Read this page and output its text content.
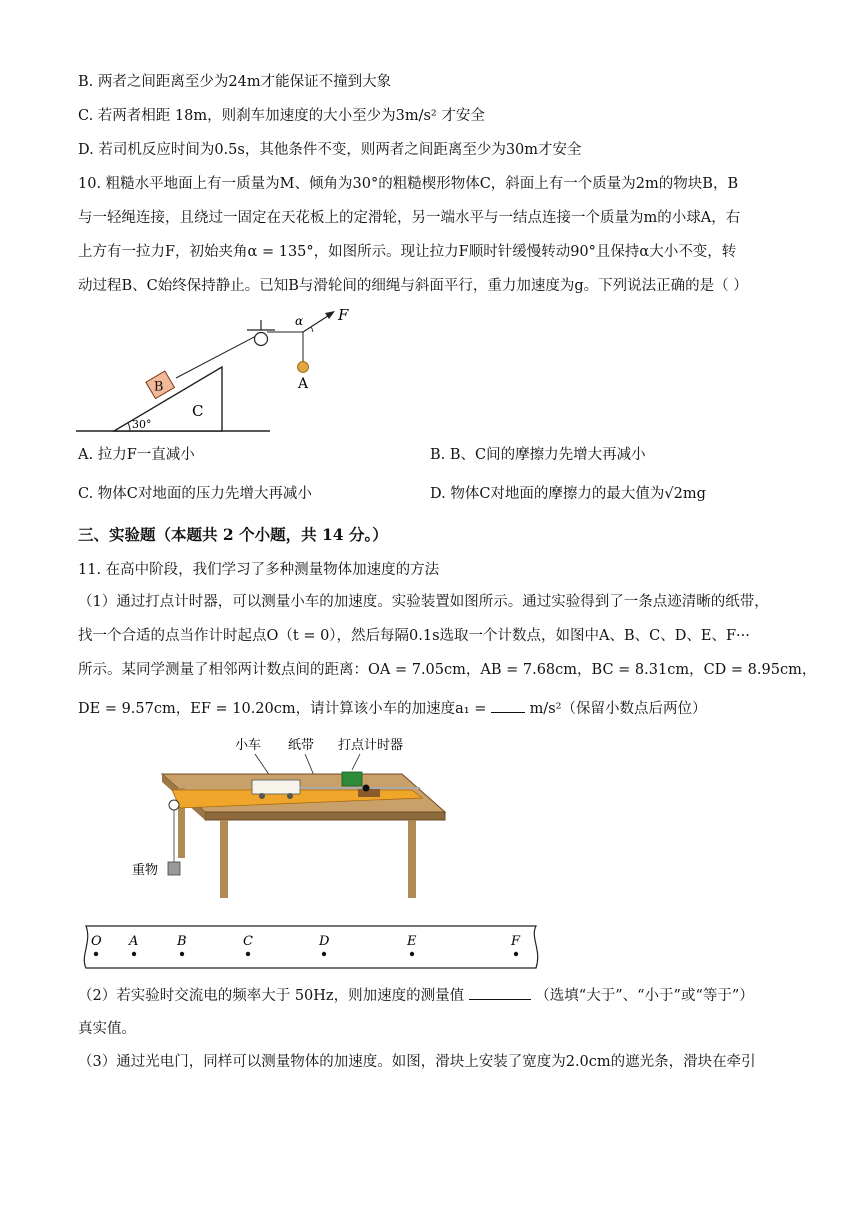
B. 两者之间距离至少为24m才能保证不撞到大象
C. 若两者相距 18m，则刹车加速度的大小至少为3m/s² 才安全
D. 若司机反应时间为0.5s，其他条件不变，则两者之间距离至少为30m才安全
10. 粗糙水平地面上有一质量为M、倾角为30°的粗糙楔形物体C，斜面上有一个质量为2m的物块B，B
与一轻绳连接，且绕过一固定在天花板上的定滑轮，另一端水平与一结点连接一个质量为m的小球A，右
上方有一拉力F，初始夹角α = 135°，如图所示。现让拉力F顺时针缓慢转动90°且保持α大小不变，转
动过程B、C始终保持静止。已知B与滑轮间的细绳与斜面平行，重力加速度为g。下列说法正确的是（ ）
30°
B
C
α F
A
A. 拉力F一直减小	B. B、C间的摩擦力先增大再减小
C. 物体C对地面的压力先增大再减小	D. 物体C对地面的摩擦力的最大值为√2mg
三、实验题（本题共 2 个小题，共 14 分。）
11. 在高中阶段，我们学习了多种测量物体加速度的方法
（1）通过打点计时器，可以测量小车的加速度。实验装置如图所示。通过实验得到了一条点迹清晰的纸带，
找一个合适的点当作计时起点O（t = 0），然后每隔0.1s选取一个计数点，如图中A、B、C、D、E、F···
所示。某同学测量了相邻两计数点间的距离：OA = 7.05cm，AB = 7.68cm，BC = 8.31cm，CD = 8.95cm，
DE = 9.57cm，EF = 10.20cm，请计算该小车的加速度a₁ =	m/s²（保留小数点后两位）
小车 纸带 打点计时器
重物
O A	B	C	D	E	F
（2）若实验时交流电的频率大于 50Hz，则加速度的测量值	（选填“大于”、“小于”或“等于”）
真实值。
（3）通过光电门，同样可以测量物体的加速度。如图，滑块上安装了宽度为2.0cm的遮光条，滑块在牵引
